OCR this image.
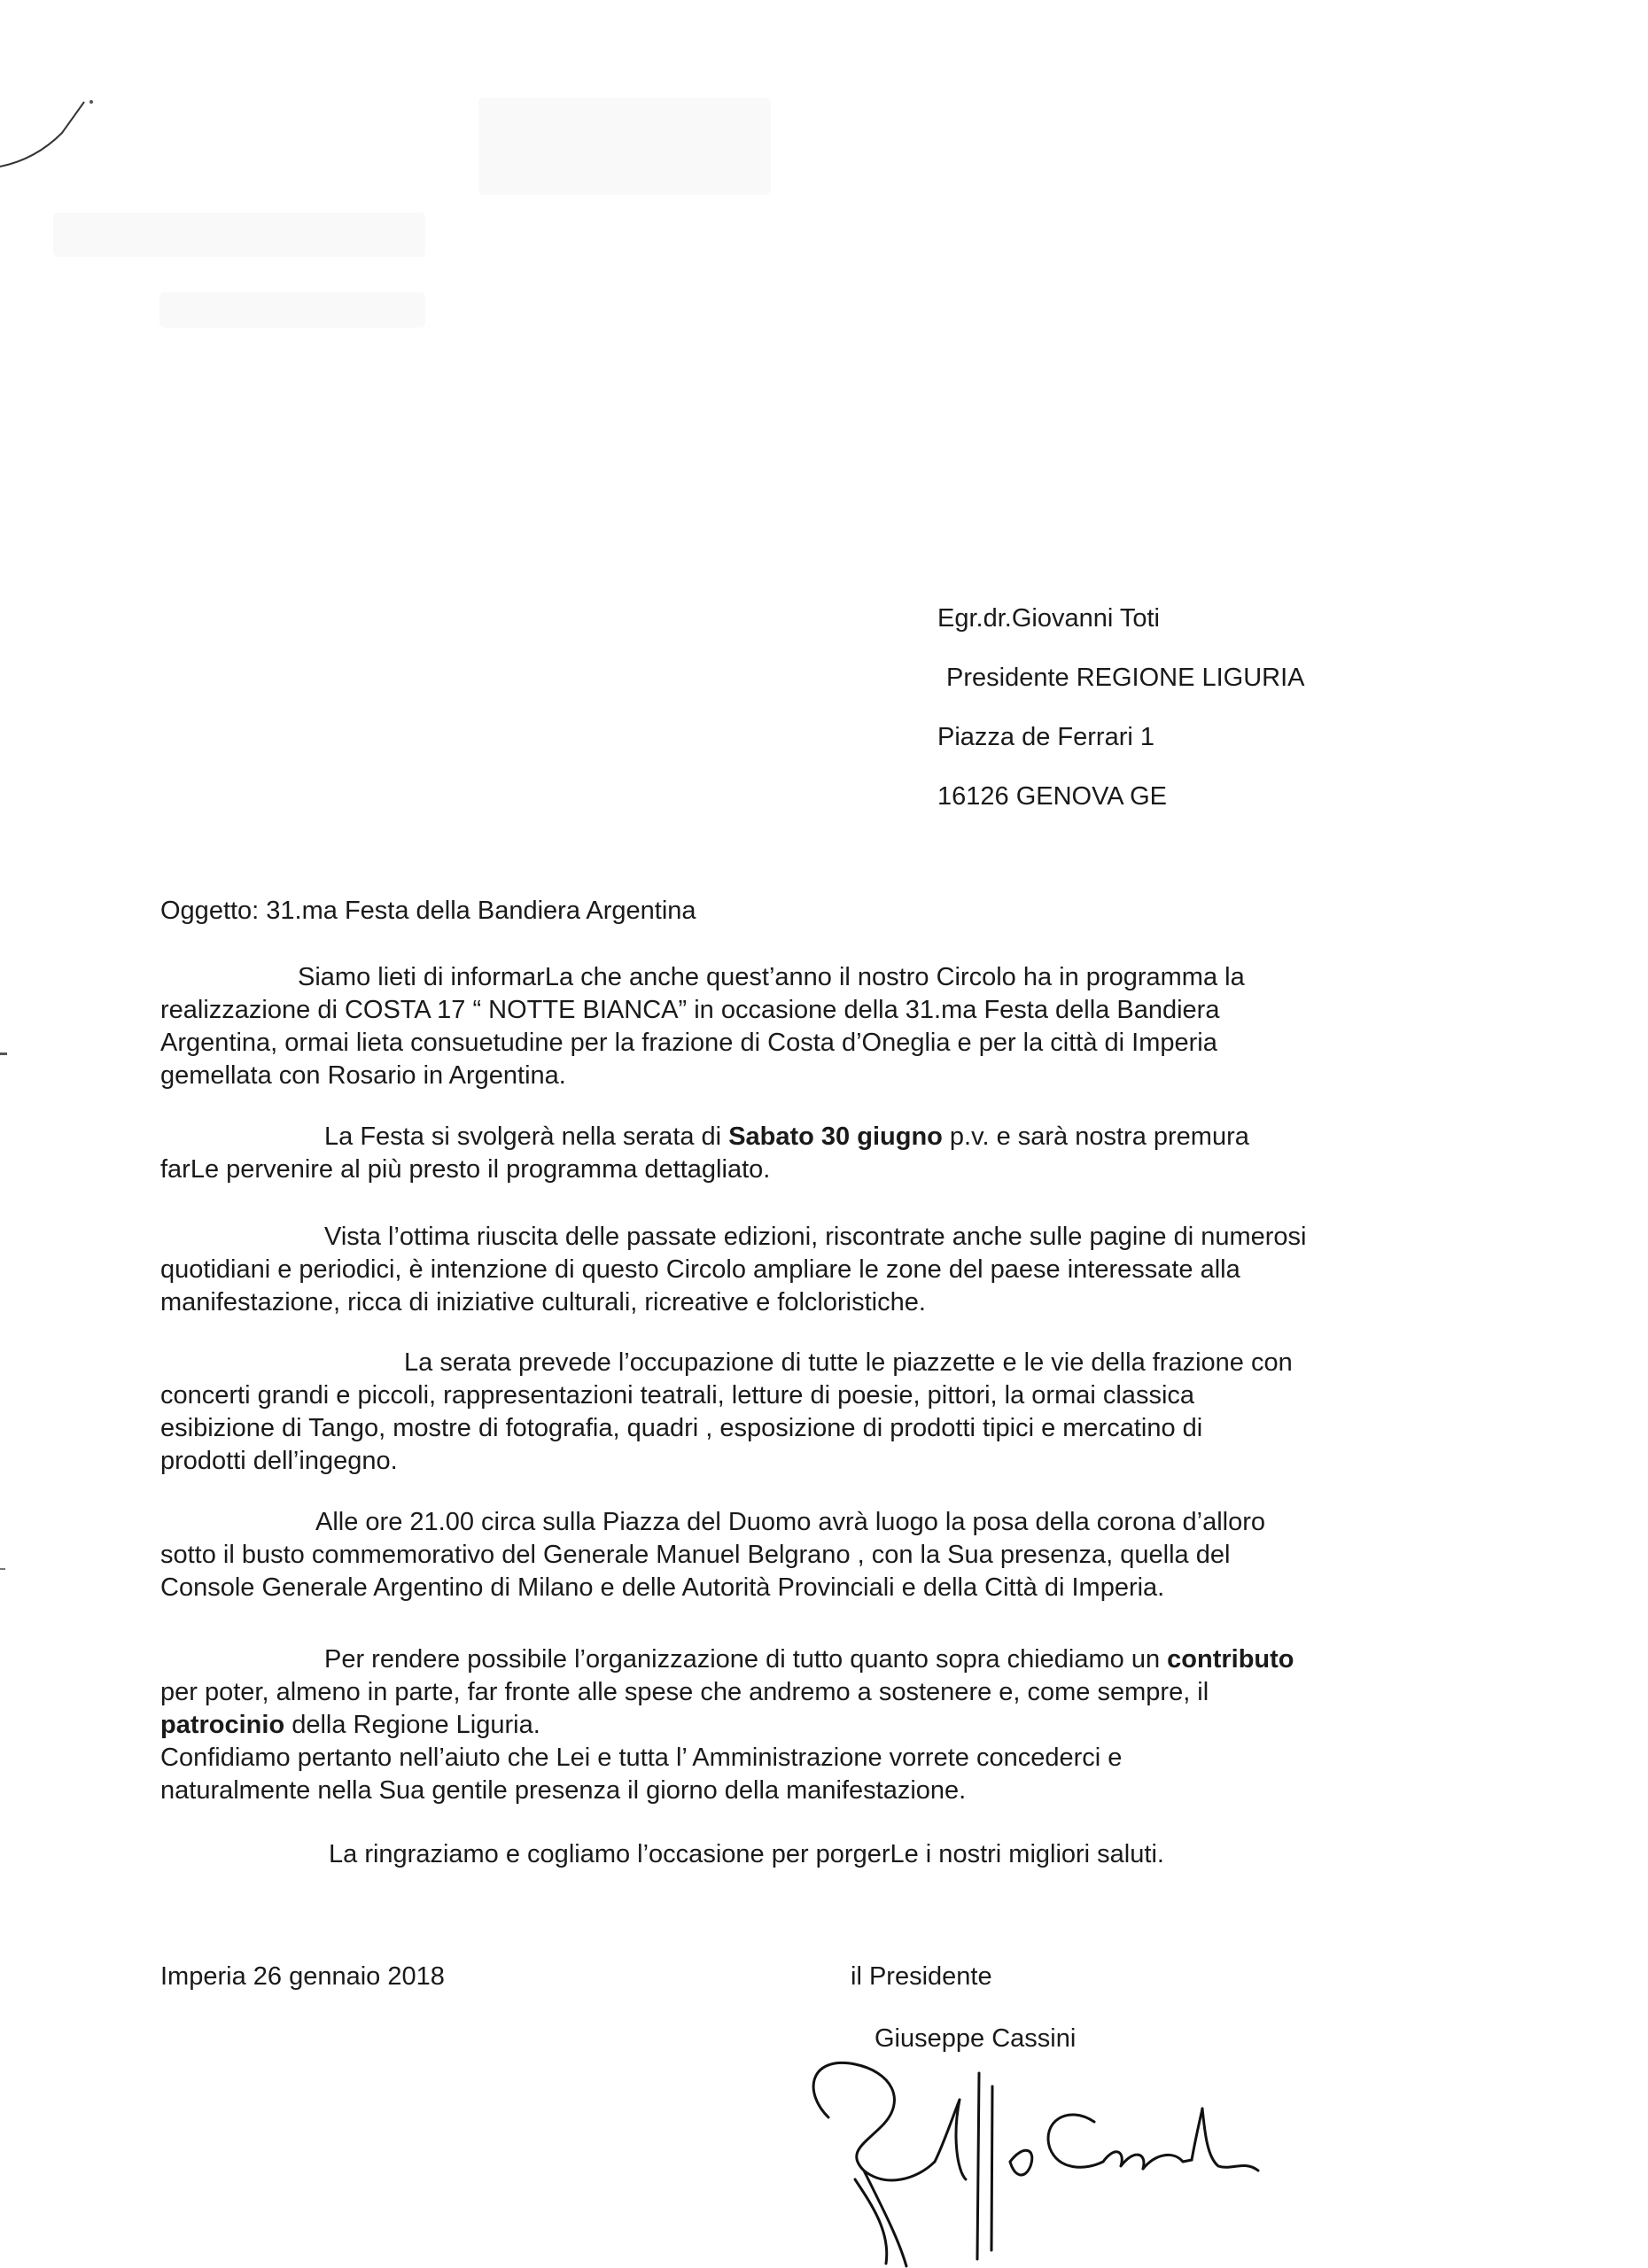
Egr.dr.Giovanni Toti
Presidente REGIONE LIGURIA
Piazza de Ferrari 1
16126 GENOVA GE
Oggetto: 31.ma Festa della Bandiera Argentina
Siamo lieti di informarLa che anche quest’anno il nostro Circolo ha in programma la
realizzazione di COSTA 17 “ NOTTE BIANCA” in occasione della 31.ma Festa della Bandiera
Argentina, ormai lieta consuetudine per la frazione di Costa d’Oneglia e per la città di Imperia
gemellata con Rosario in Argentina.
La Festa si svolgerà nella serata di Sabato 30 giugno p.v. e sarà nostra premura
farLe pervenire al più presto il programma dettagliato.
Vista l’ottima riuscita delle passate edizioni, riscontrate anche sulle pagine di numerosi
quotidiani e periodici, è intenzione di questo Circolo ampliare le zone del paese interessate alla
manifestazione, ricca di iniziative culturali, ricreative e folcloristiche.
La serata prevede l’occupazione di tutte le piazzette e le vie della frazione con
concerti grandi e piccoli, rappresentazioni teatrali, letture di poesie, pittori, la ormai classica
esibizione di Tango, mostre di fotografia, quadri , esposizione di prodotti tipici e mercatino di
prodotti dell’ingegno.
Alle ore 21.00 circa sulla Piazza del Duomo avrà luogo la posa della corona d’alloro
sotto il busto commemorativo del Generale Manuel Belgrano , con la Sua presenza, quella del
Console Generale Argentino di Milano e delle Autorità Provinciali e della Città di Imperia.
Per rendere possibile l’organizzazione di tutto quanto sopra chiediamo un contributo
per poter, almeno in parte, far fronte alle spese che andremo a sostenere e, come sempre, il
patrocinio della Regione Liguria.
Confidiamo pertanto nell’aiuto che Lei e tutta l’ Amministrazione vorrete concederci e
naturalmente nella Sua gentile presenza il giorno della manifestazione.
La ringraziamo e cogliamo l’occasione per porgerLe i nostri migliori saluti.
Imperia 26 gennaio 2018	il Presidente
Giuseppe Cassini
